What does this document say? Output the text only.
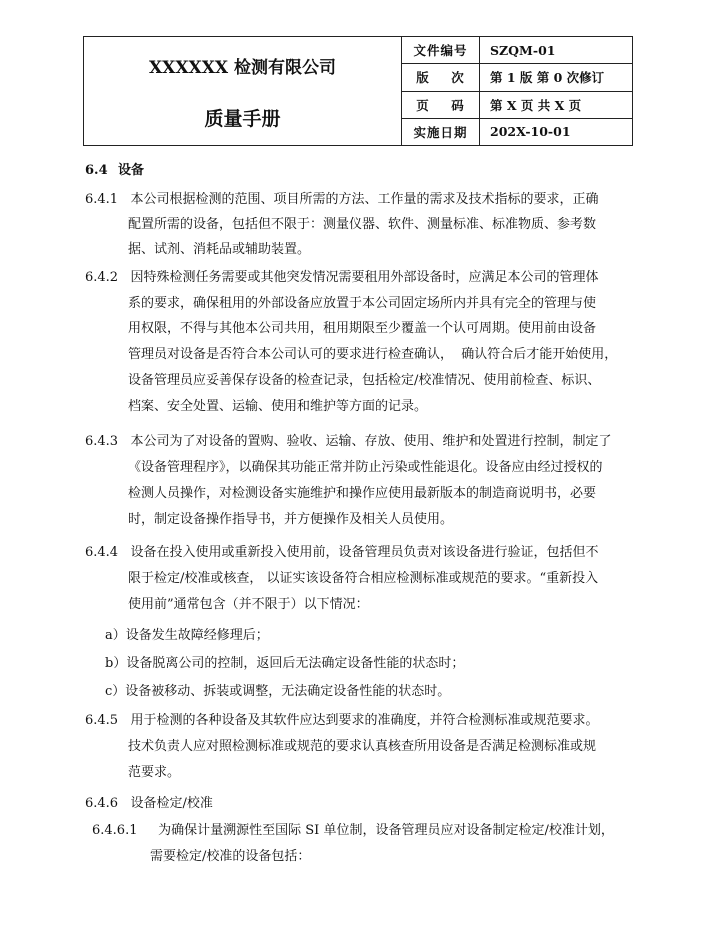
XXXXXX 检测有限公司
质量手册
文件编号	SZQM-01
版    次	第 1 版 第 0 次修订
页    码	第 X 页 共 X 页
实施日期	202X-10-01
6.4 设备
6.4.1   本公司根据检测的范围、项目所需的方法、工作量的需求及技术指标的要求，正确
配置所需的设备，包括但不限于：测量仪器、软件、测量标准、标准物质、参考数
据、试剂、消耗品或辅助装置。
6.4.2   因特殊检测任务需要或其他突发情况需要租用外部设备时，应满足本公司的管理体
系的要求，确保租用的外部设备应放置于本公司固定场所内并具有完全的管理与使
用权限，不得与其他本公司共用，租用期限至少覆盖一个认可周期。使用前由设备
管理员对设备是否符合本公司认可的要求进行检查确认，  确认符合后才能开始使用，
设备管理员应妥善保存设备的检查记录，包括检定/校准情况、使用前检查、标识、
档案、安全处置、运输、使用和维护等方面的记录。
6.4.3   本公司为了对设备的置购、验收、运输、存放、使用、维护和处置进行控制，制定了
《设备管理程序》，以确保其功能正常并防止污染或性能退化。设备应由经过授权的
检测人员操作，对检测设备实施维护和操作应使用最新版本的制造商说明书，必要
时，制定设备操作指导书，并方便操作及相关人员使用。
6.4.4   设备在投入使用或重新投入使用前，设备管理员负责对该设备进行验证，包括但不
限于检定/校准或核查， 以证实该设备符合相应检测标准或规范的要求。“重新投入
使用前”通常包含（并不限于）以下情况：
a）设备发生故障经修理后；
b）设备脱离公司的控制，返回后无法确定设备性能的状态时；
c）设备被移动、拆装或调整，无法确定设备性能的状态时。
6.4.5   用于检测的各种设备及其软件应达到要求的准确度，并符合检测标准或规范要求。
技术负责人应对照检测标准或规范的要求认真核查所用设备是否满足检测标准或规
范要求。
6.4.6   设备检定/校准
6.4.6.1     为确保计量溯源性至国际 SI 单位制，设备管理员应对设备制定检定/校准计划，
需要检定/校准的设备包括：
